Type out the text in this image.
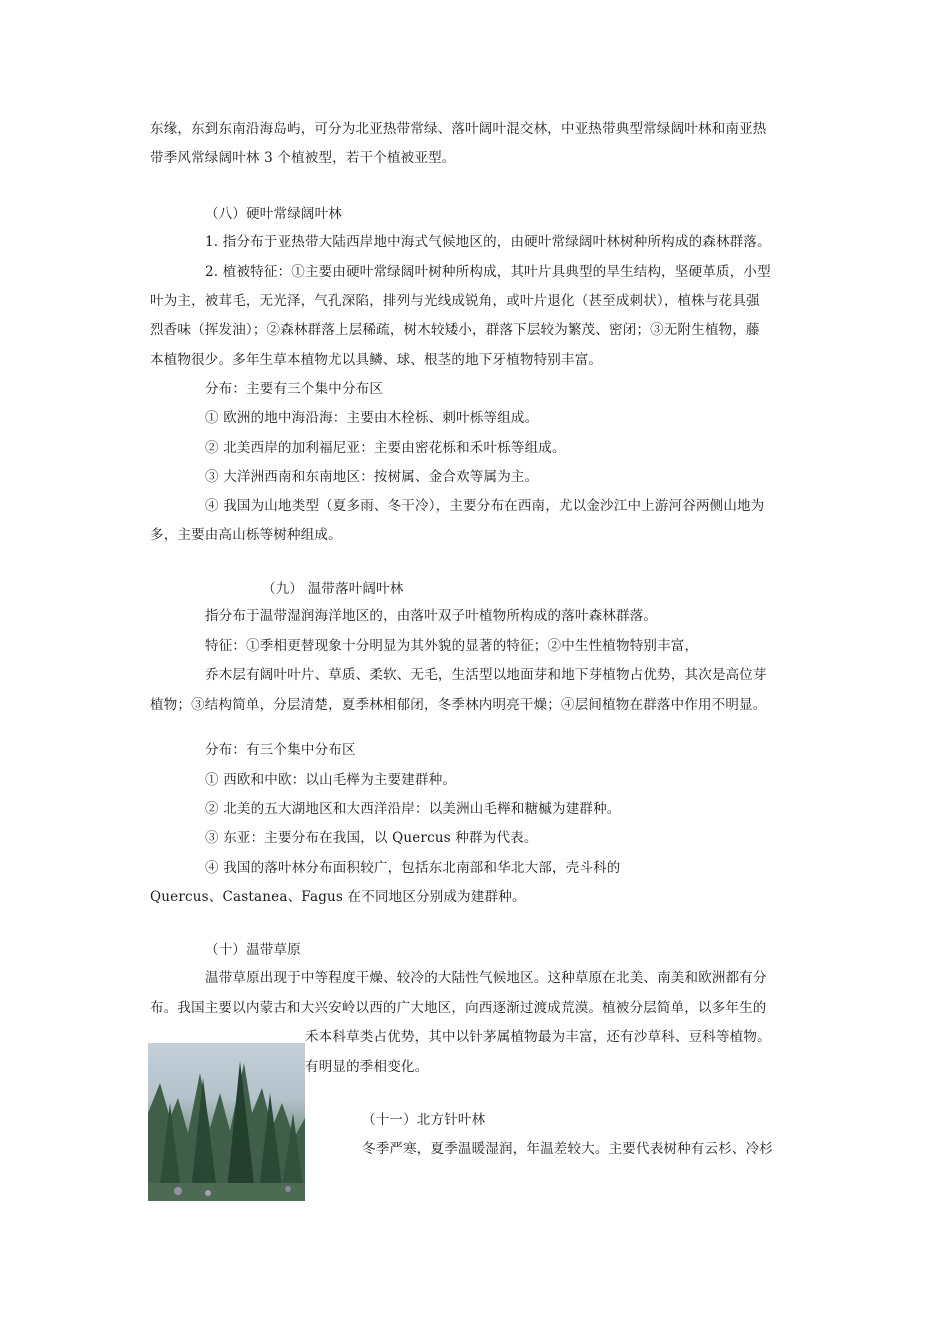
东缘，东到东南沿海岛屿，可分为北亚热带常绿、落叶阔叶混交林，中亚热带典型常绿阔叶林和南亚热
带季风常绿阔叶林 3 个植被型，若干个植被亚型。
（八）硬叶常绿阔叶林
1. 指分布于亚热带大陆西岸地中海式气候地区的，由硬叶常绿阔叶林树种所构成的森林群落。
2. 植被特征：①主要由硬叶常绿阔叶树种所构成，其叶片具典型的旱生结构，坚硬革质，小型
叶为主，被茸毛，无光泽，气孔深陷，排列与光线成锐角，或叶片退化（甚至成刺状），植株与花具强
烈香味（挥发油）；②森林群落上层稀疏，树木较矮小，群落下层较为繁茂、密闭；③无附生植物，藤
本植物很少。多年生草本植物尤以具鳞、球、根茎的地下牙植物特别丰富。
分布：主要有三个集中分布区
① 欧洲的地中海沿海：主要由木栓栎、刺叶栎等组成。
② 北美西岸的加利福尼亚：主要由密花栎和禾叶栎等组成。
③ 大洋洲西南和东南地区：按树属、金合欢等属为主。
④ 我国为山地类型（夏多雨、冬干冷），主要分布在西南，尤以金沙江中上游河谷两侧山地为
多，主要由高山栎等树种组成。
（九） 温带落叶阔叶林
指分布于温带湿润海洋地区的，由落叶双子叶植物所构成的落叶森林群落。
特征：①季相更替现象十分明显为其外貌的显著的特征；②中生性植物特别丰富，
乔木层有阔叶叶片、草质、柔软、无毛，生活型以地面芽和地下芽植物占优势，其次是高位芽
植物；③结构简单，分层清楚，夏季林相郁闭，冬季林内明亮干燥；④层间植物在群落中作用不明显。
分布：有三个集中分布区
① 西欧和中欧：以山毛榉为主要建群种。
② 北美的五大湖地区和大西洋沿岸：以美洲山毛榉和糖槭为建群种。
③ 东亚：主要分布在我国，以 Quercus 种群为代表。
④ 我国的落叶林分布面积较广，包括东北南部和华北大部，壳斗科的
Quercus、Castanea、Fagus 在不同地区分别成为建群种。
（十）温带草原
温带草原出现于中等程度干燥、较冷的大陆性气候地区。这种草原在北美、南美和欧洲都有分
布。我国主要以内蒙古和大兴安岭以西的广大地区，向西逐渐过渡成荒漠。植被分层简单，以多年生的
禾本科草类占优势，其中以针茅属植物最为丰富，还有沙草科、豆科等植物。
有明显的季相变化。
（十一）北方针叶林
冬季严寒，夏季温暖湿润，年温差较大。主要代表树种有云杉、冷杉
